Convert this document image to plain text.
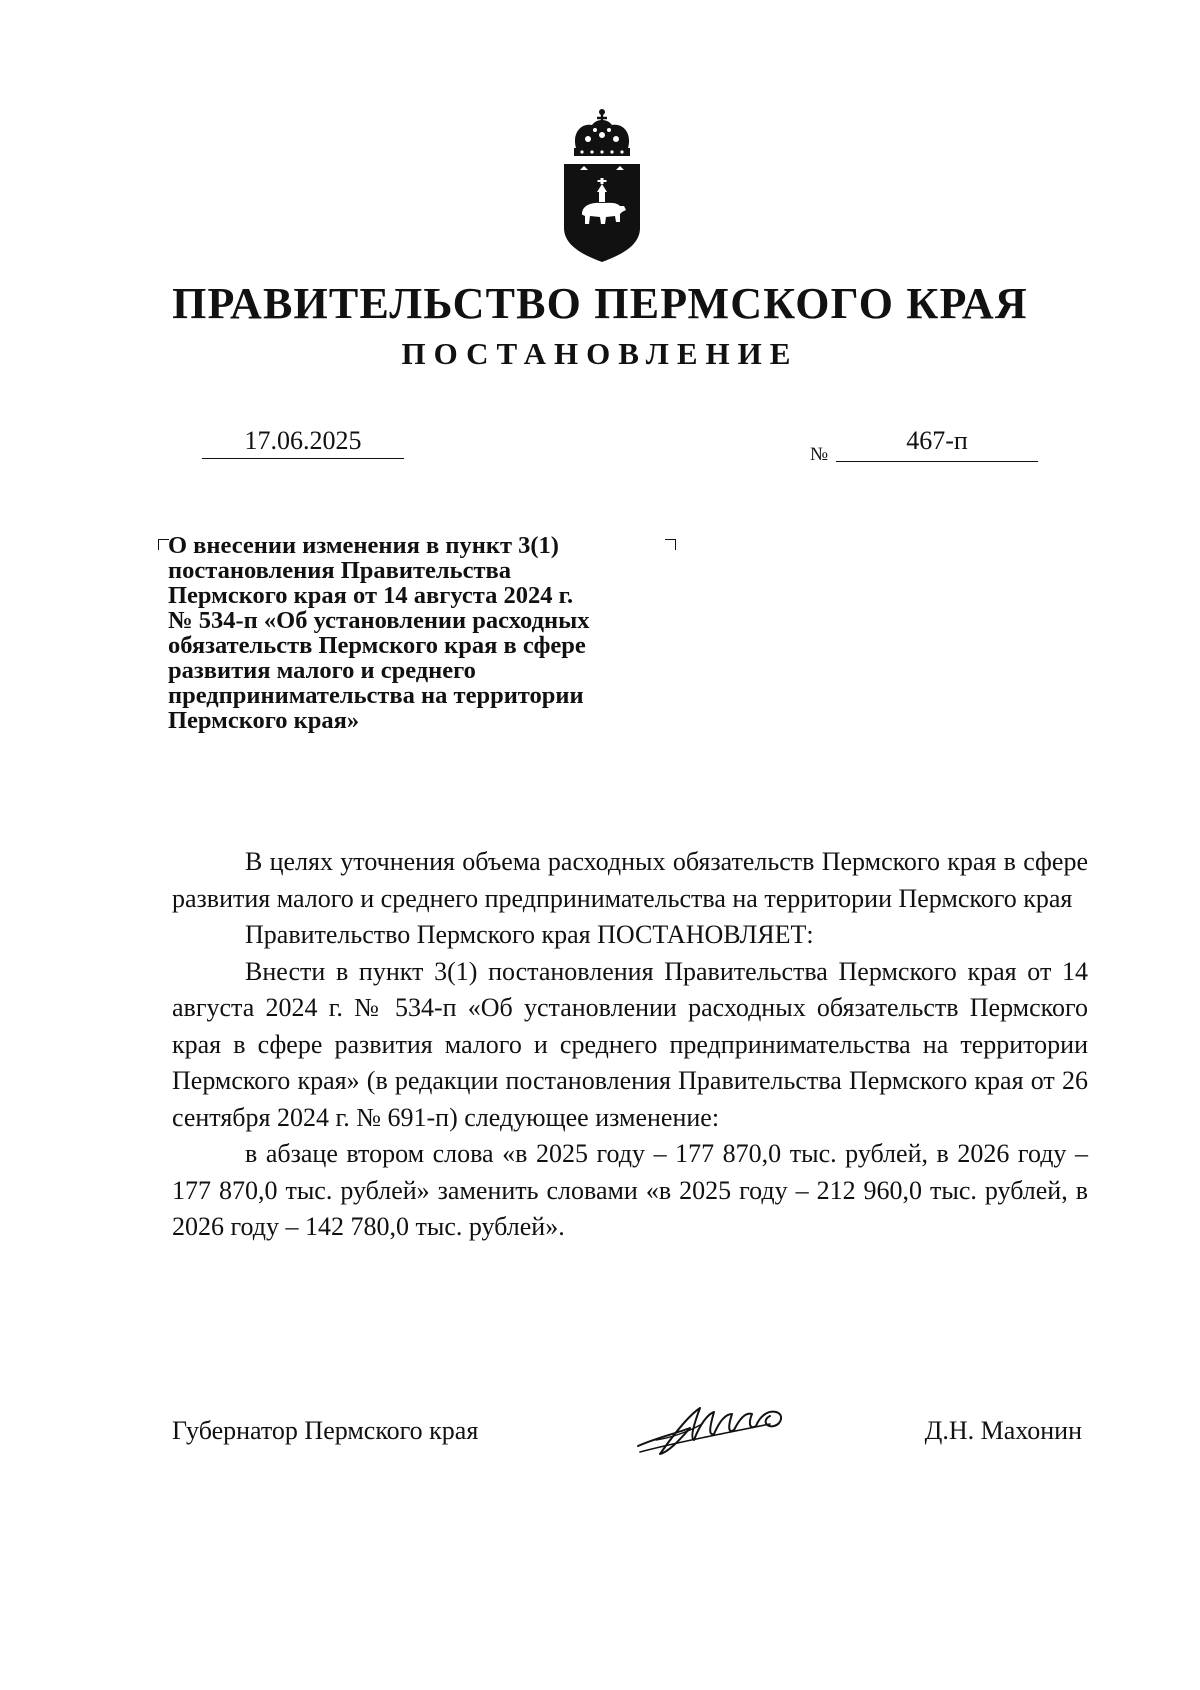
ПРАВИТЕЛЬСТВО ПЕРМСКОГО КРАЯ
ПОСТАНОВЛЕНИЕ
17.06.2025	№	467-п
О внесении изменения в пункт 3(1)
постановления Правительства
Пермского края от 14 августа 2024 г.
№ 534-п «Об установлении расходных
обязательств Пермского края в сфере
развития малого и среднего
предпринимательства на территории
Пермского края»

В целях уточнения объема расходных обязательств Пермского края в сфере развития малого и среднего предпринимательства на территории Пермского края

Правительство Пермского края ПОСТАНОВЛЯЕТ:

Внести в пункт 3(1) постановления Правительства Пермского края от 14 августа 2024 г. № 534-п «Об установлении расходных обязательств Пермского края в сфере развития малого и среднего предпринимательства на территории Пермского края» (в редакции постановления Правительства Пермского края от 26 сентября 2024 г. № 691-п) следующее изменение:

в абзаце втором слова «в 2025 году – 177 870,0 тыс. рублей, в 2026 году – 177 870,0 тыс. рублей» заменить словами «в 2025 году – 212 960,0 тыс. рублей, в 2026 году – 142 780,0 тыс. рублей».

Губернатор Пермского края	Д.Н. Махонин
